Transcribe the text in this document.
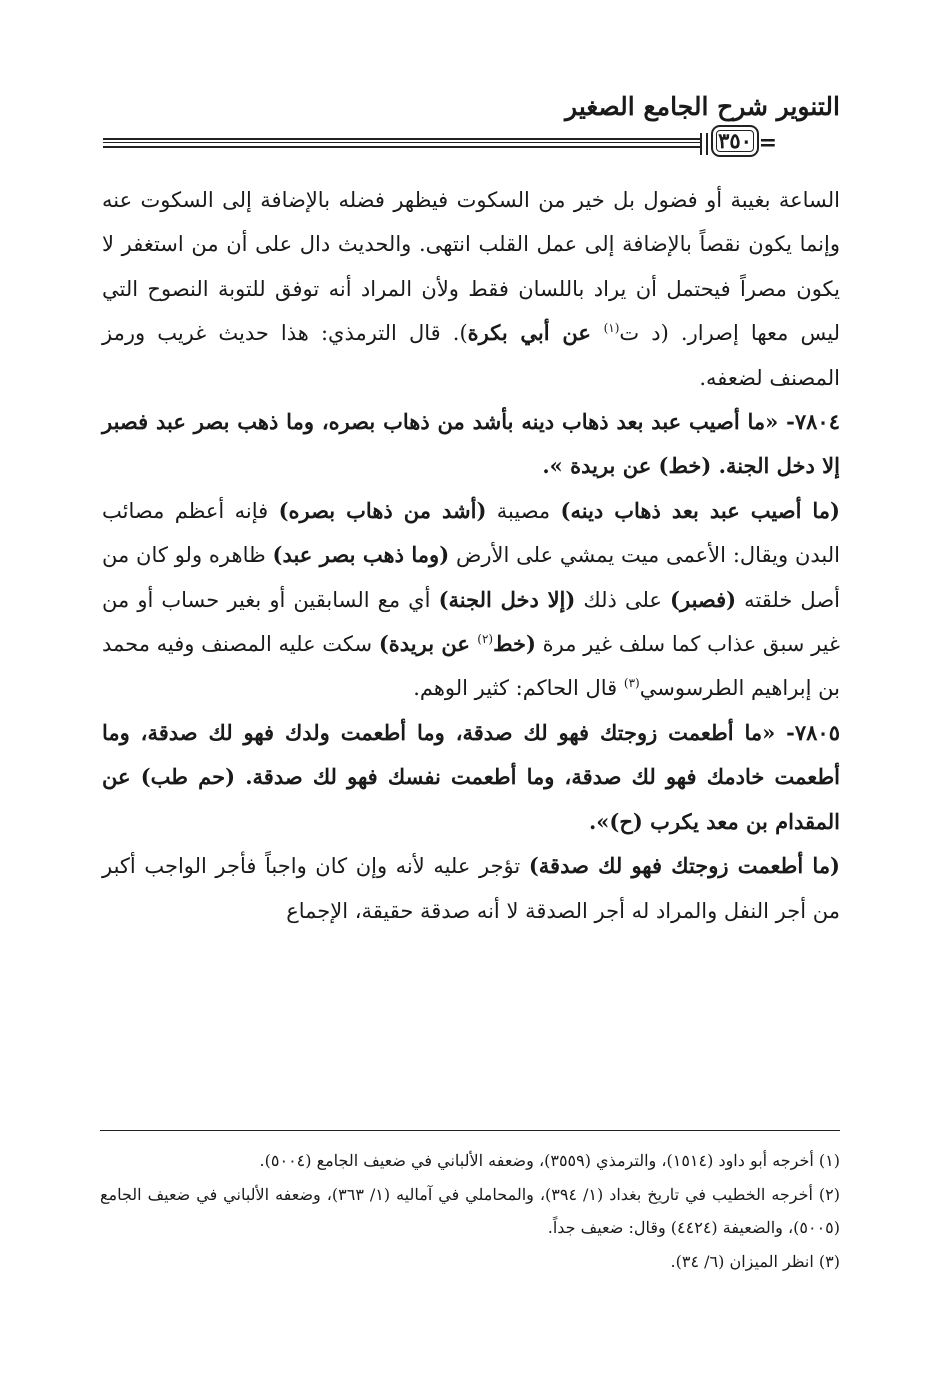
التنوير شرح الجامع الصغير
٣٥٠ =

الساعة بغيبة أو فضول بل خير من السكوت فيظهر فضله بالإضافة إلى السكوت عنه وإنما يكون نقصاً بالإضافة إلى عمل القلب انتهى. والحديث دال على أن من استغفر لا يكون مصراً فيحتمل أن يراد باللسان فقط ولأن المراد أنه توفق للتوبة النصوح التي ليس معها إصرار. (د ت$^{(١)}$ عن أبي بكرة). قال الترمذي: هذا حديث غريب ورمز المصنف لضعفه.

٧٨٠٤- «ما أصيب عبد بعد ذهاب دينه بأشد من ذهاب بصره، وما ذهب بصر عبد فصبر إلا دخل الجنة. (خط) عن بريدة ».

(ما أصيب عبد بعد ذهاب دينه) مصيبة (أشد من ذهاب بصره) فإنه أعظم مصائب البدن ويقال: الأعمى ميت يمشي على الأرض (وما ذهب بصر عبد) ظاهره ولو كان من أصل خلقته (فصبر) على ذلك (إلا دخل الجنة) أي مع السابقين أو بغير حساب أو من غير سبق عذاب كما سلف غير مرة (خط$^{(٢)}$ عن بريدة) سكت عليه المصنف وفيه محمد بن إبراهيم الطرسوسي$^{(٣)}$ قال الحاكم: كثير الوهم.

٧٨٠٥- «ما أطعمت زوجتك فهو لك صدقة، وما أطعمت ولدك فهو لك صدقة، وما أطعمت خادمك فهو لك صدقة، وما أطعمت نفسك فهو لك صدقة. (حم طب) عن المقدام بن معد يكرب (ح)».

(ما أطعمت زوجتك فهو لك صدقة) تؤجر عليه لأنه وإن كان واجباً فأجر الواجب أكبر من أجر النفل والمراد له أجر الصدقة لا أنه صدقة حقيقة، الإجماع

(١) أخرجه أبو داود (١٥١٤)، والترمذي (٣٥٥٩)، وضعفه الألباني في ضعيف الجامع (٥٠٠٤).

(٢) أخرجه الخطيب في تاريخ بغداد (١/ ٣٩٤)، والمحاملي في آماليه (١/ ٣٦٣)، وضعفه الألباني في ضعيف الجامع (٥٠٠٥)، والضعيفة (٤٤٢٤) وقال: ضعيف جداً.

(٣) انظر الميزان (٦/ ٣٤).
